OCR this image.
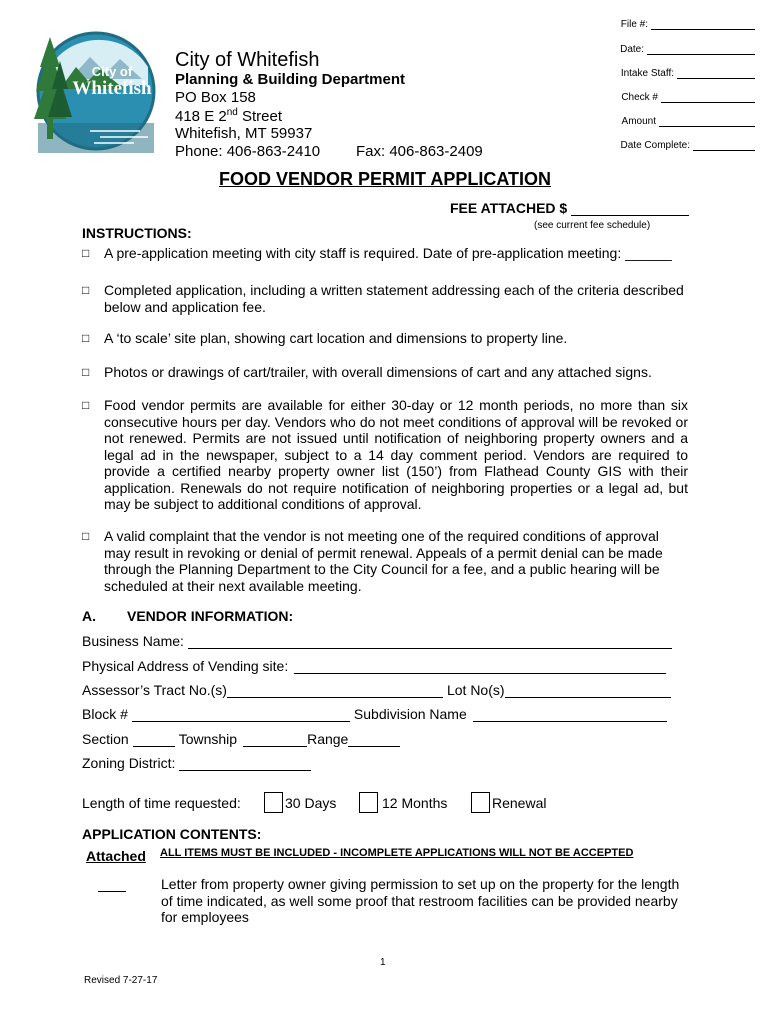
City of
Whitefish
City of Whitefish
Planning & Building Department
PO Box 158
418 E 2nd Street
Whitefish, MT 59937
Phone: 406-863-2410 Fax: 406-863-2409
File #:
Date:
Intake Staff:
Check #
Amount
Date Complete:
FOOD VENDOR PERMIT APPLICATION
FEE ATTACHED $
(see current fee schedule)
INSTRUCTIONS:
□	A pre-application meeting with city staff is required. Date of pre-application meeting: ______
□	Completed application, including a written statement addressing each of the criteria described below and application fee.
□	A ‘to scale’ site plan, showing cart location and dimensions to property line.
□	Photos or drawings of cart/trailer, with overall dimensions of cart and any attached signs.
□	Food vendor permits are available for either 30-day or 12 month periods, no more than six consecutive hours per day. Vendors who do not meet conditions of approval will be revoked or not renewed. Permits are not issued until notification of neighboring property owners and a legal ad in the newspaper, subject to a 14 day comment period. Vendors are required to provide a certified nearby property owner list (150’) from Flathead County GIS with their application. Renewals do not require notification of neighboring properties or a legal ad, but may be subject to additional conditions of approval.
□	A valid complaint that the vendor is not meeting one of the required conditions of approval may result in revoking or denial of permit renewal. Appeals of a permit denial can be made through the Planning Department to the City Council for a fee, and a public hearing will be scheduled at their next available meeting.
A. VENDOR INFORMATION:
Business Name:
Physical Address of Vending site:
Assessor’s Tract No.(s)	Lot No(s)
Block #	Subdivision Name
Section	Township	Range
Zoning District:
Length of time requested:	30 Days	12 Months	Renewal
APPLICATION CONTENTS:
Attached ALL ITEMS MUST BE INCLUDED - INCOMPLETE APPLICATIONS WILL NOT BE ACCEPTED
Letter from property owner giving permission to set up on the property for the length of time indicated, as well some proof that restroom facilities can be provided nearby for employees
1
Revised 7-27-17
